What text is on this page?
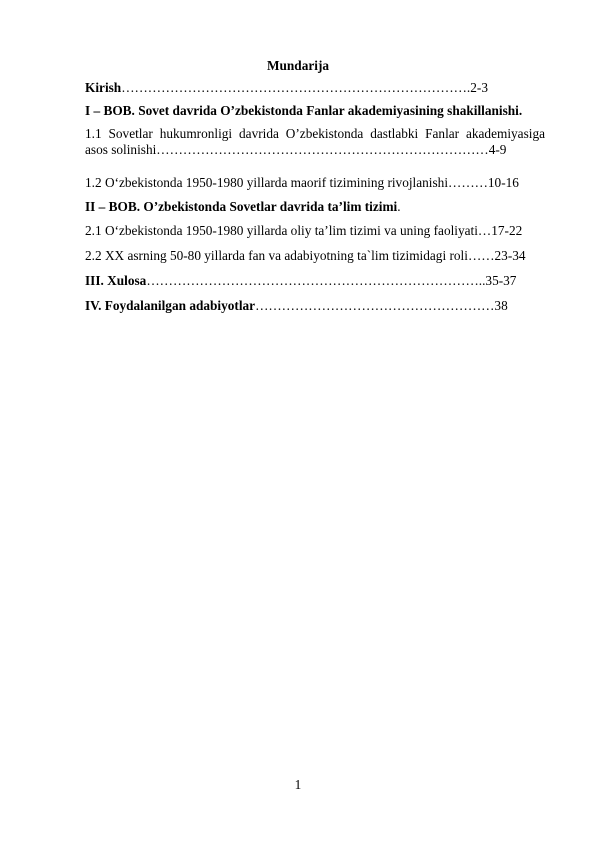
Mundarija
Kirish…………………………………………………………………….2-3
I – BOB. Sovet davrida O’zbekistonda Fanlar akademiyasining shakillanishi.
1.1 Sovetlar hukumronligi davrida O’zbekistonda dastlabki Fanlar akademiyasiga
asos solinishi…………………………………………………………………4-9
1.2 O‘zbekistonda 1950-1980 yillarda maorif tizimining rivojlanishi………10-16
II – BOB. O’zbekistonda Sovetlar davrida ta’lim tizimi.
2.1 O‘zbekistonda 1950-1980 yillarda oliy ta’lim tizimi va uning faoliyati…17-22
2.2 XX asrning 50-80 yillarda fan va adabiyotning ta`lim tizimidagi roli……23-34
III. Xulosa…………………………………………………………………..35-37
IV. Foydalanilgan adabiyotlar………………………………………………38
1
